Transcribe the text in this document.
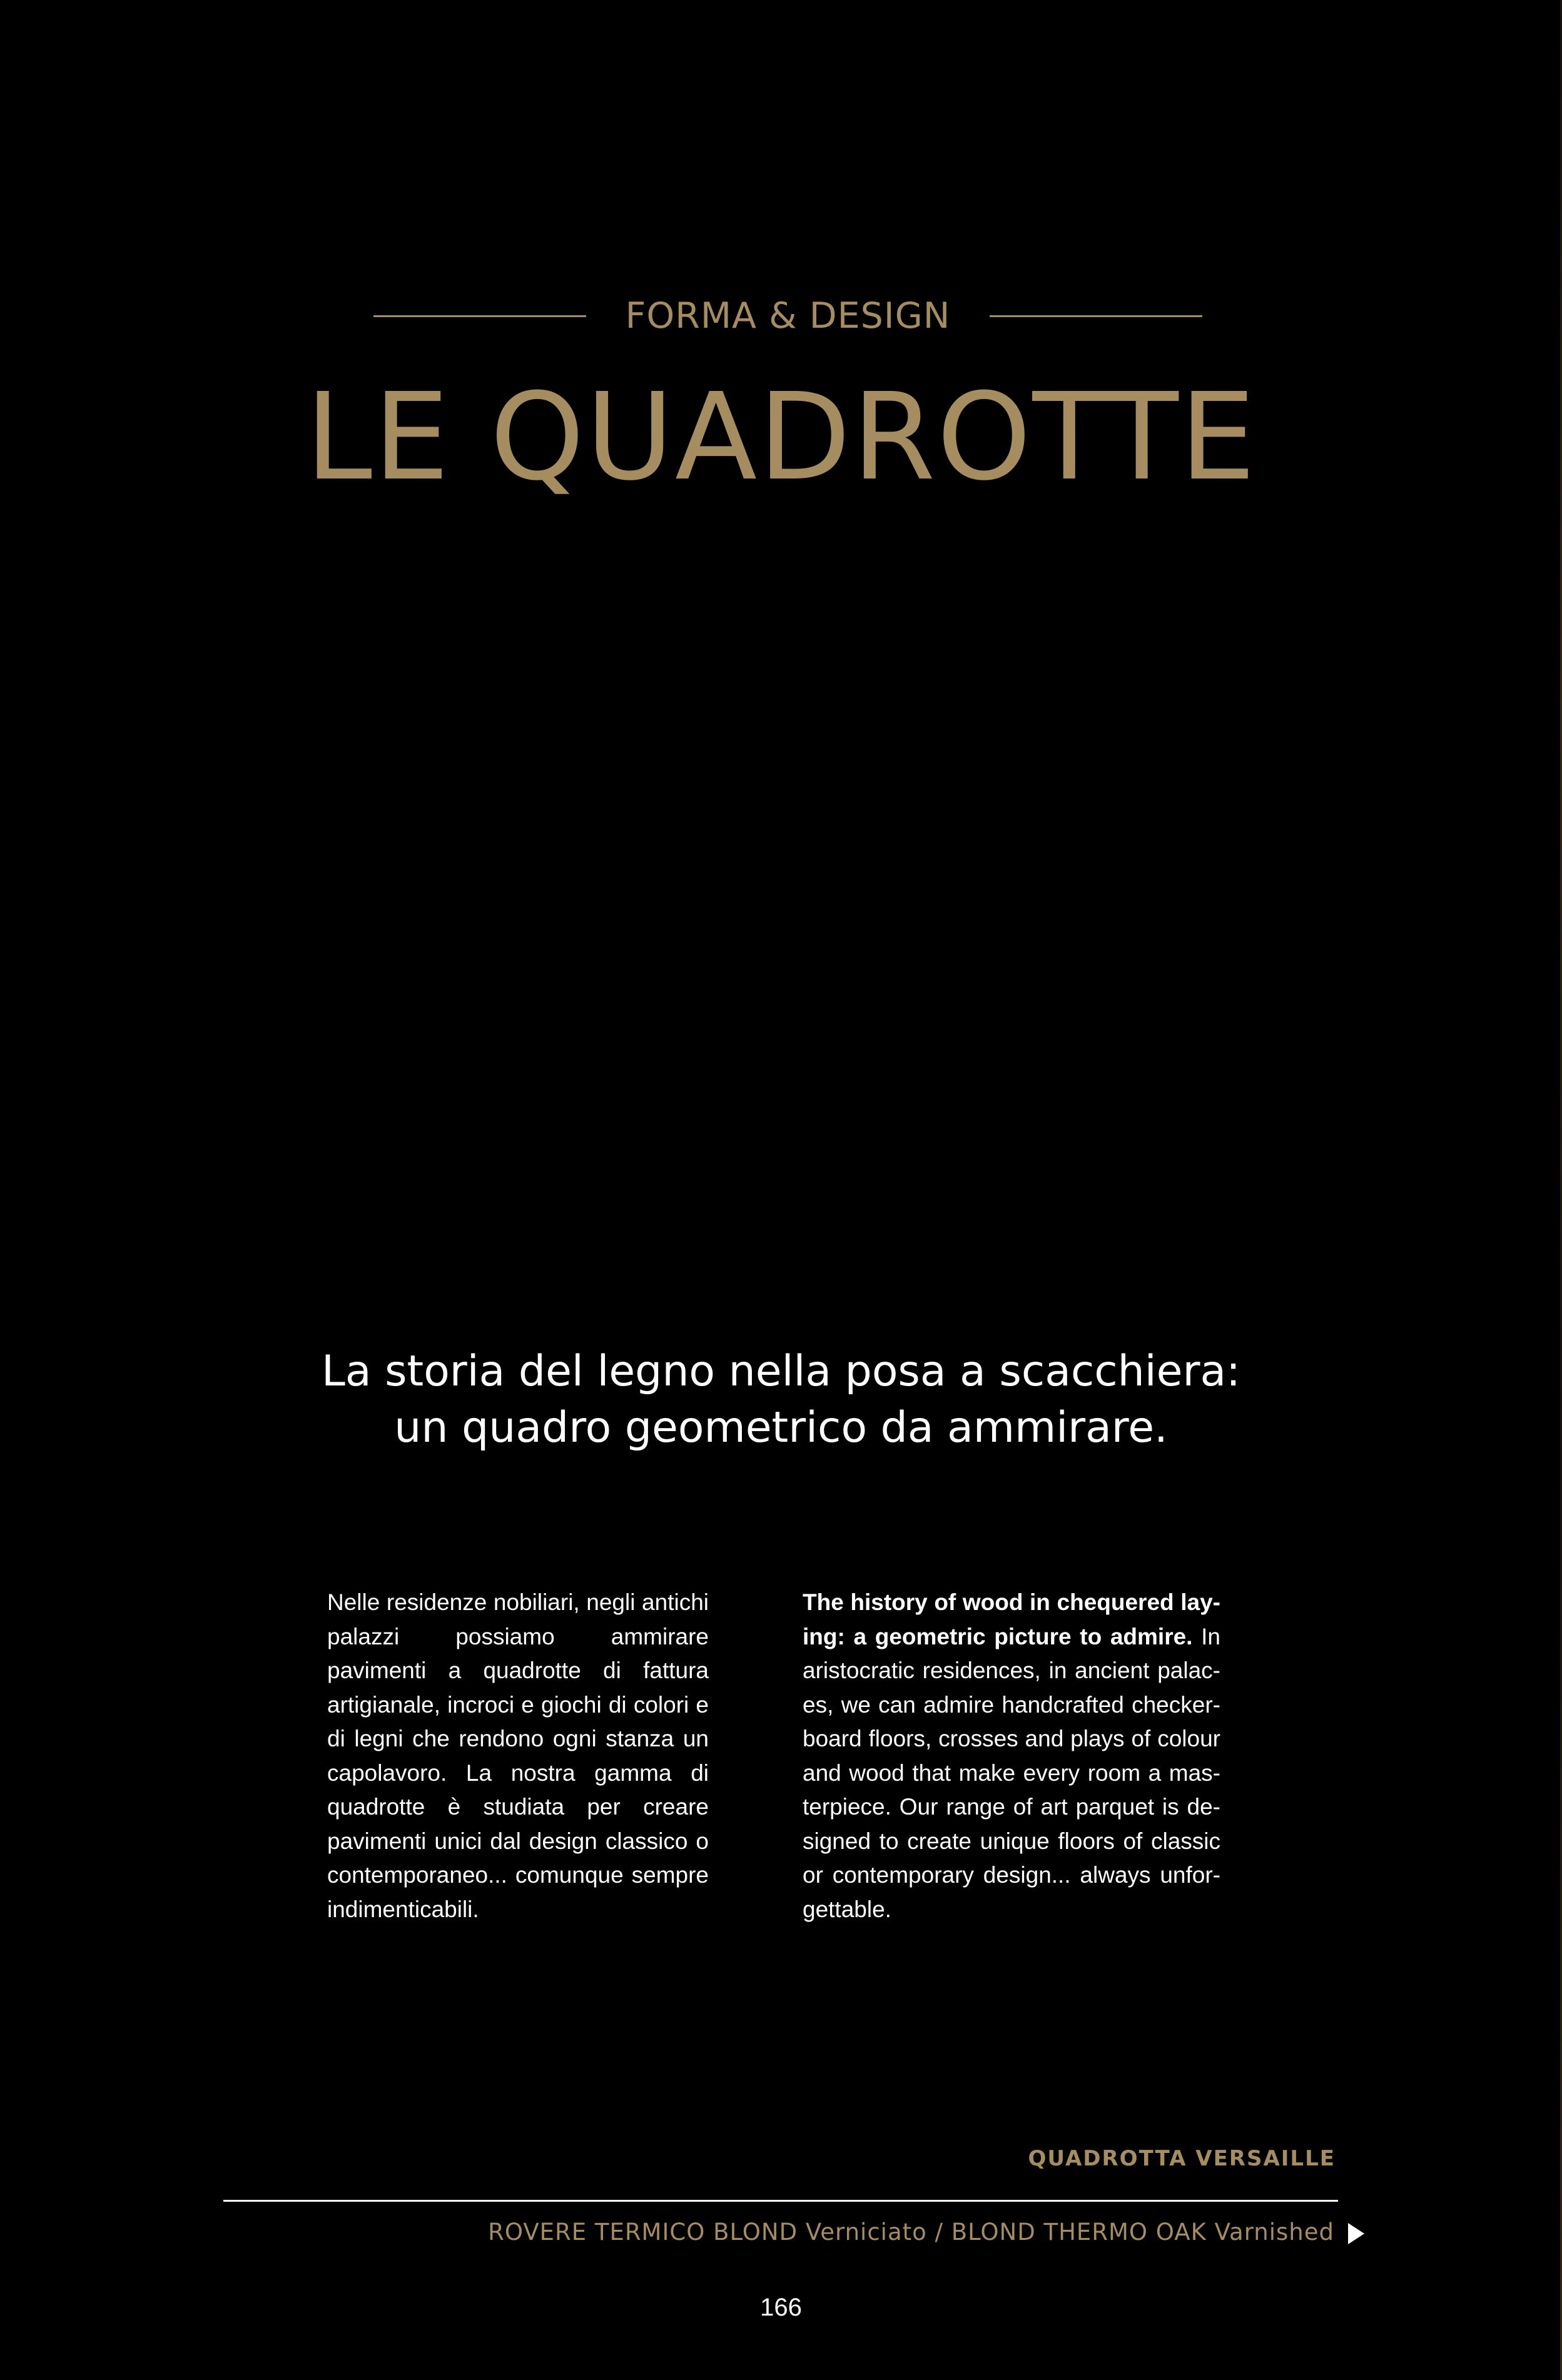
FORMA & DESIGN
LE QUADROTTE
La storia del legno nella posa a scacchiera:
un quadro geometrico da ammirare.

Nelle residenze nobiliari, negli antichi palazzi possiamo ammirare pavimenti a quadrotte di fattura artigianale, incroci e giochi di colori e di legni che rendono ogni stanza un capolavoro. La nostra gamma di quadrotte è studiata per creare pavimenti unici dal design classico o contemporaneo... comunque sempre indimenticabili.

The history of wood in chequered laying: a geometric picture to admire. In aristocratic residences, in ancient palaces, we can admire handcrafted checkerboard floors, crosses and plays of colour and wood that make every room a masterpiece. Our range of art parquet is designed to create unique floors of classic or contemporary design... always unforgettable.

QUADROTTA VERSAILLE
ROVERE TERMICO BLOND Verniciato / BLOND THERMO OAK Varnished
166
